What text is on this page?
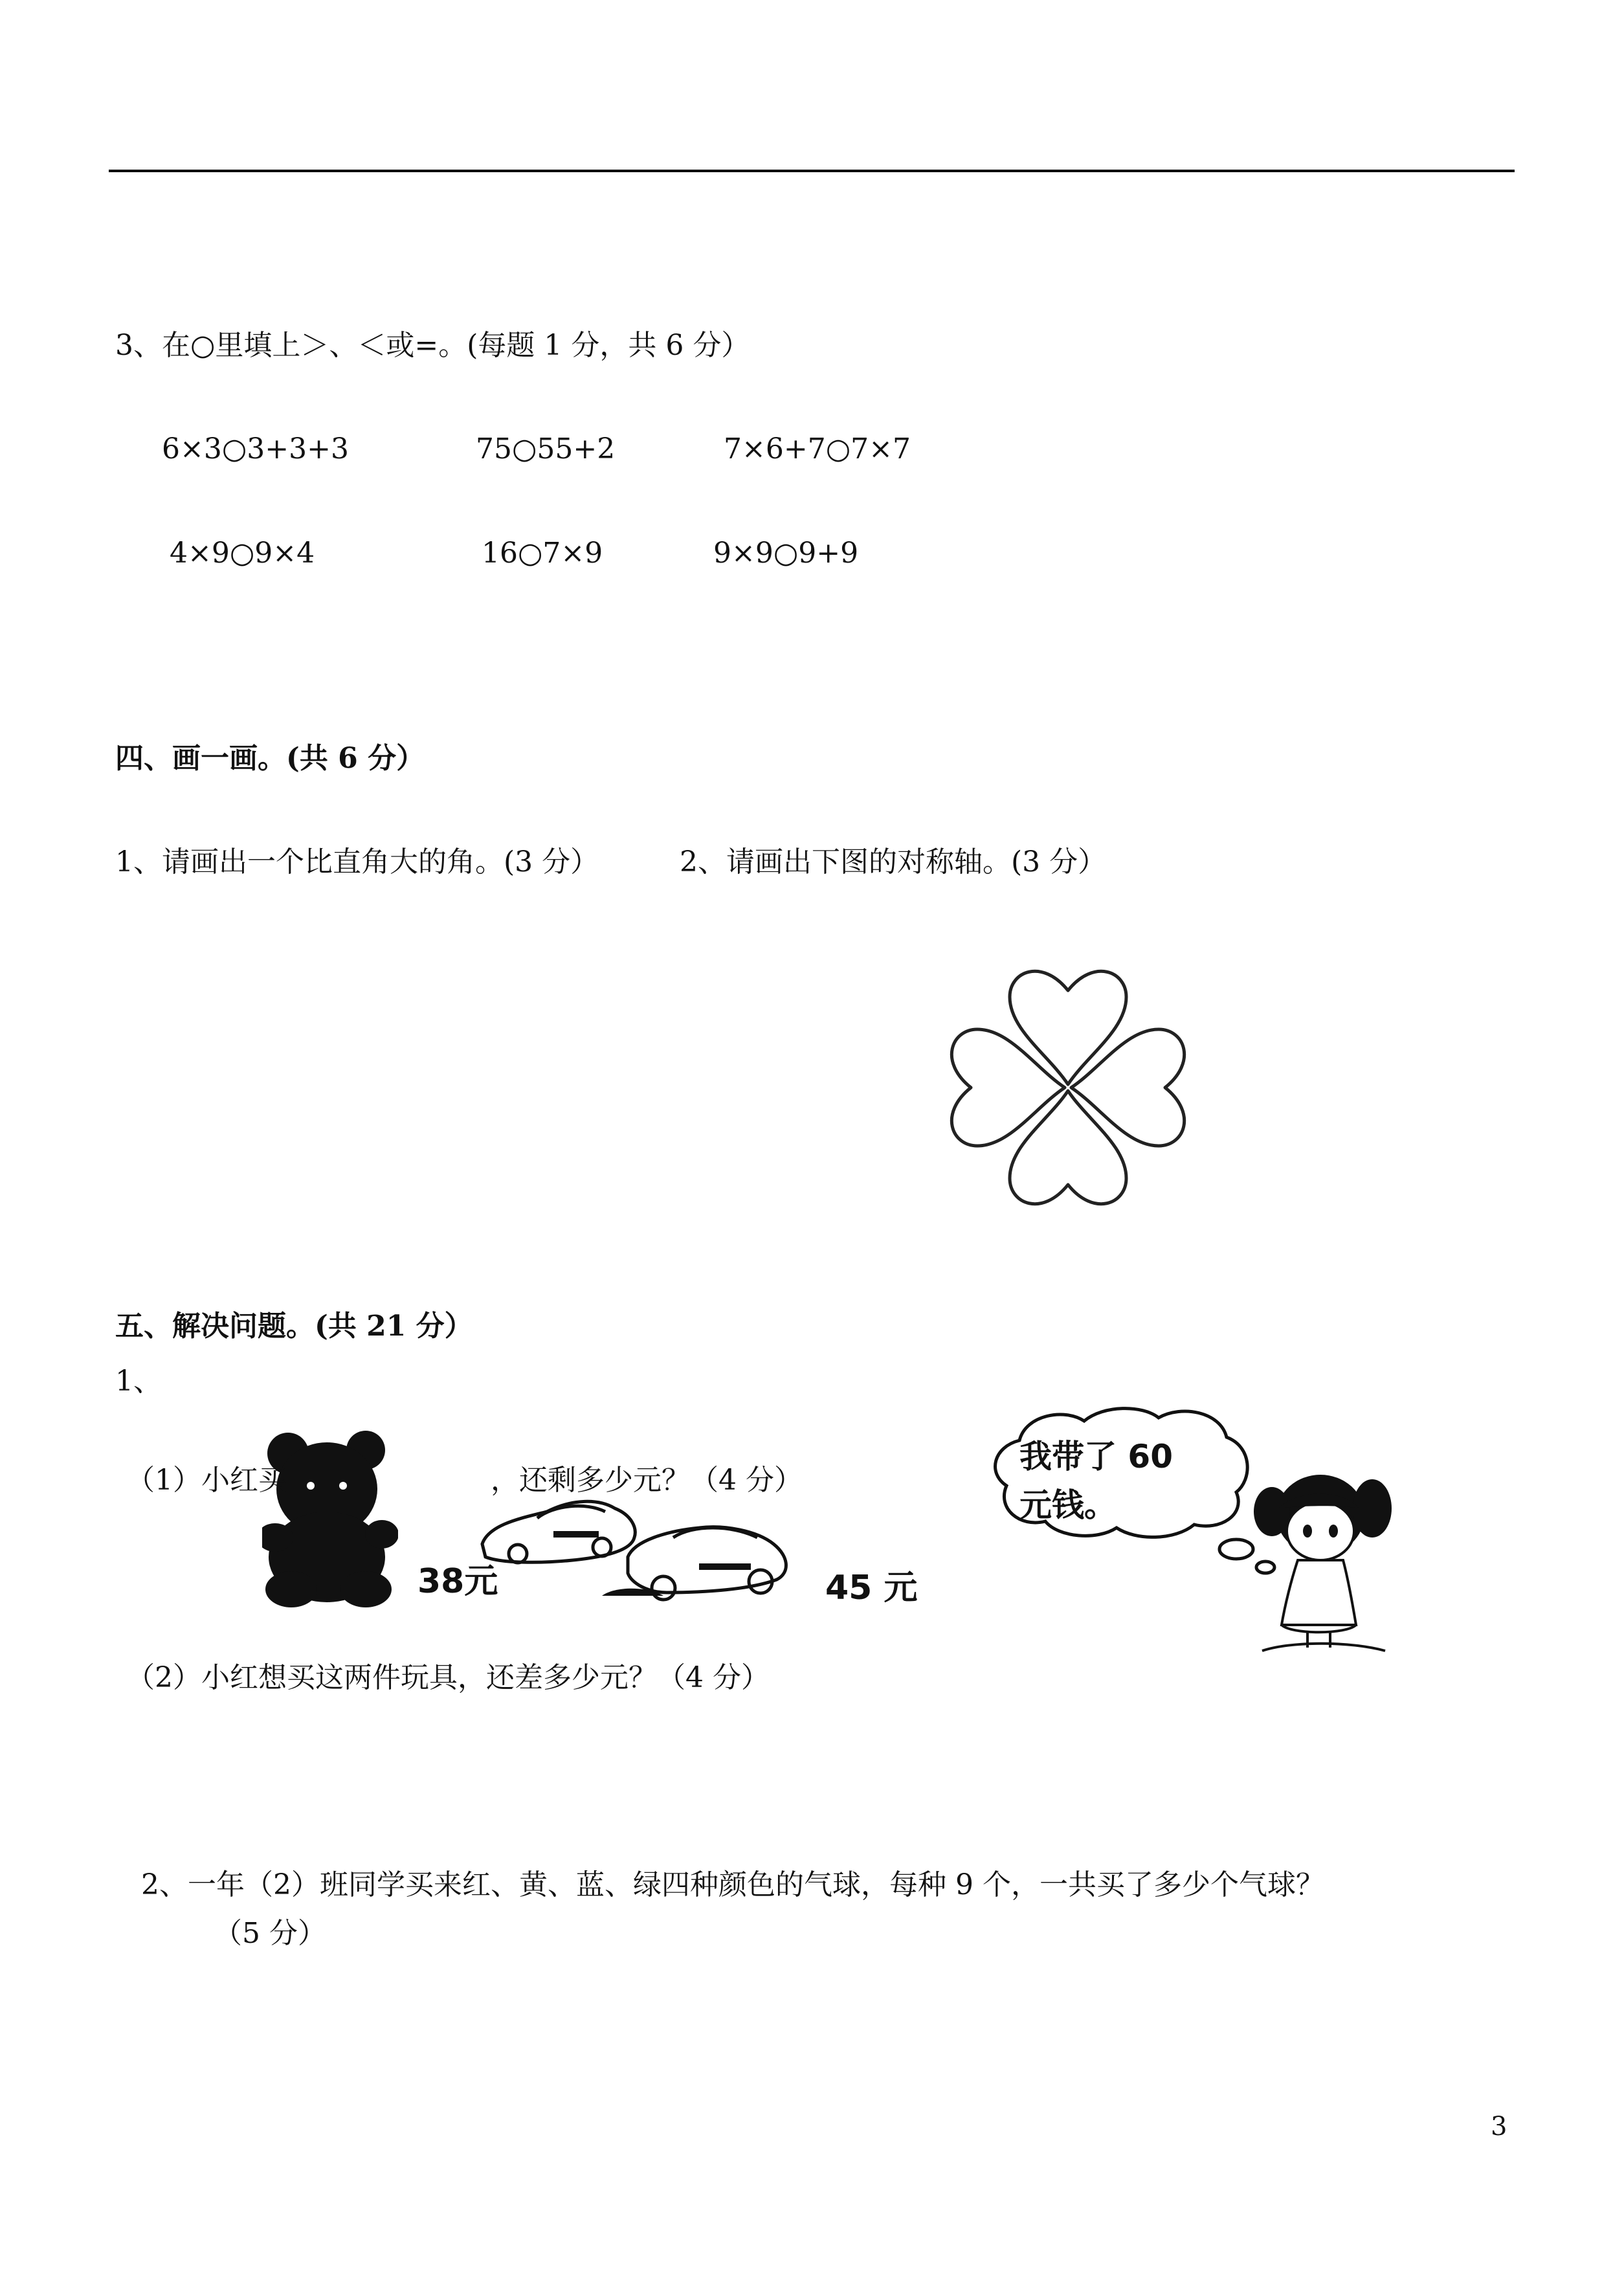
3、在○里填上＞、＜或=。(每题 1 分，共 6 分）
6×3○3+3+3	75○55+2	7×6+7○7×7
4×9○9×4	16○7×9	9×9○9+9
四、画一画。(共 6 分）
1、请画出一个比直角大的角。(3 分）	2、请画出下图的对称轴。(3 分）
五、解决问题。(共 21 分）
1、
38元
（1）小红买	，还剩多少元？（4 分）
45 元
我带了 60
元钱。
（2）小红想买这两件玩具，还差多少元？（4 分）
2、一年（2）班同学买来红、黄、蓝、绿四种颜色的气球，每种 9 个，一共买了多少个气球？
（5 分）
3
